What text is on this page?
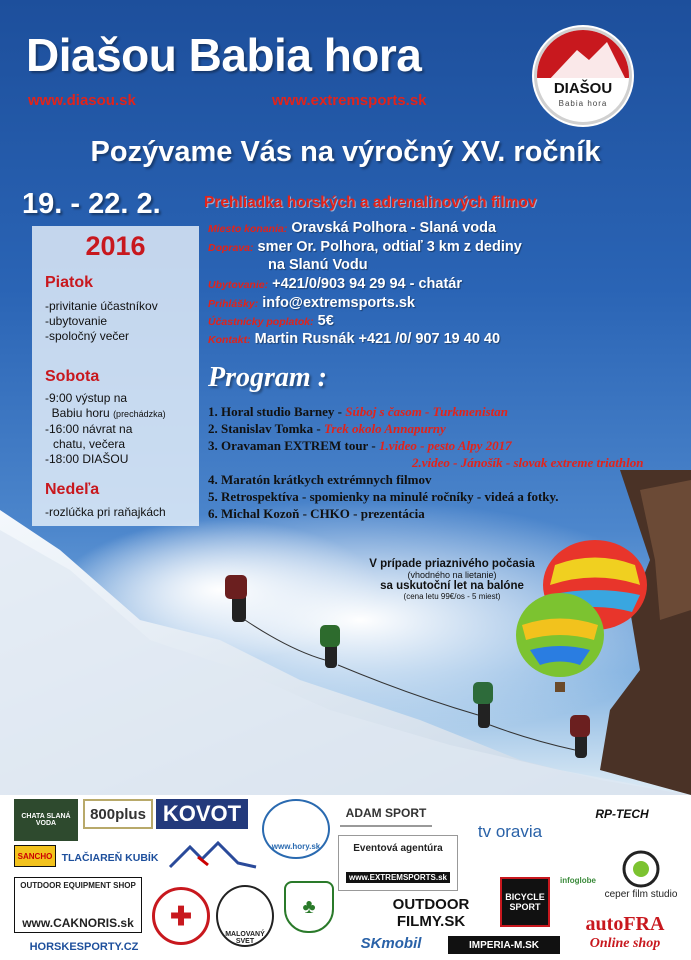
Diašou Babia hora
www.diasou.sk	www.extremsports.sk
DIAŠOU
Babia hora
Pozývame Vás na výročný XV. ročník
19. - 22. 2.	Prehliadka horských a adrenalinových filmov
2016
Piatok
-privitanie účastníkov
-ubytovanie
-spoločný večer
Sobota
-9:00 výstup na
Babiu horu (prechádzka)
-16:00 návrat na
chatu, večera
-18:00 DIAŠOU
Nedeľa
-rozlúčka pri raňajkách
Miesto konania: Oravská Polhora - Slaná voda
Doprava: smer Or. Polhora, odtiaľ 3 km z dediny
na Slanú Vodu
Ubytovanie: +421/0/903 94 29 94 - chatár
Prihlášky: info@extremsports.sk
Účastnícky poplatok: 5€
Kontakt: Martin Rusnák +421 /0/ 907 19 40 40
Program :
1. Horal studio Barney - Súboj s časom - Turkmenistan
2. Stanislav Tomka - Trek okolo Annapurny
3. Oravaman EXTREM tour - 1.video - pesto Alpy 2017
2.video - Jánošík - slovak extreme triathlon
4. Maratón krátkych extrémnych filmov
5. Retrospektíva - spomienky na minulé ročníky - videá a fotky.
6. Michal Kozoň - CHKO - prezentácia
V prípade priaznivého počasia
(vhodného na lietanie)
sa uskutoční let na balóne
(cena letu 99€/os - 5 miest)
CHATA SLANÁ VODA
800plus KOVOT
www.hory.sk
ADAM SPORT
tv oravia
RP-TECH
SANCHO TLAČIAREŇ KUBÍK
Eventová agentúra
www.EXTREMSPORTS.sk	infoglobe
ceper film studio
OUTDOOR EQUIPMENT SHOP
www.CAKNORIS.sk	✚
MALOVANÝ SVET
♣	OUTDOOR FILMY.SK
BICYCLE SPORT
SKmobil	IMPERIA-M.SK
autoFRA
Online shop
HORSKESPORTY.CZ
